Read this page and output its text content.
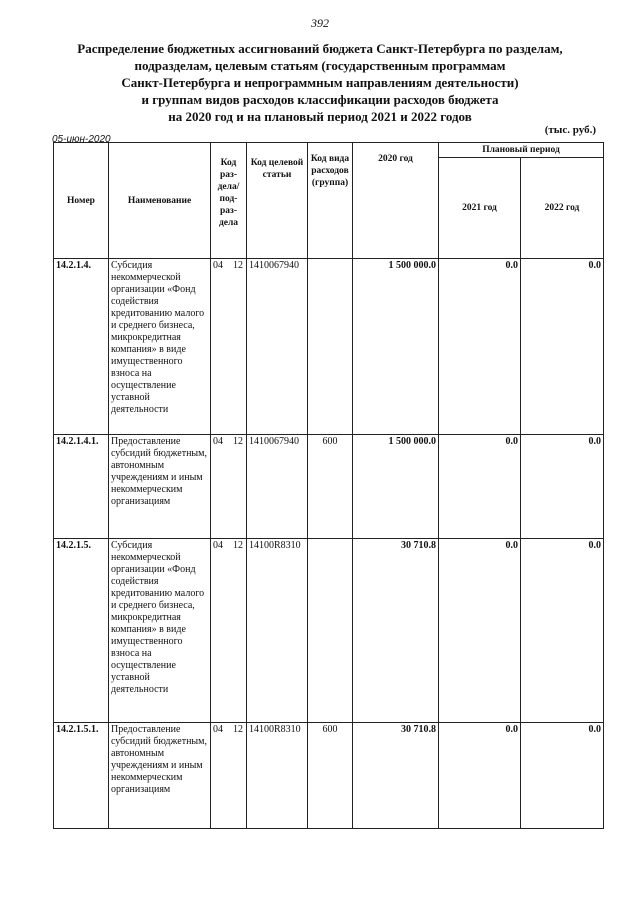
392
Распределение бюджетных ассигнований бюджета Санкт-Петербурга по разделам,
подразделам, целевым статьям (государственным программам
Санкт-Петербурга и непрограммным направлениям деятельности)
и группам видов расходов классификации расходов бюджета
на 2020 год и на плановый период 2021 и 2022 годов
05-июн-2020
(тыс. руб.)
Номер	Наименование	Код раз- дела/ под- раз- дела	Код целевой статьи	Код вида расходов (группа)	2020 год	Плановый период	
						2021 год	2022 год
14.2.1.4.	Субсидия некоммерческой организации «Фонд содействия кредитованию малого и среднего бизнеса, микрокредитная компания» в виде имущественного взноса на осуществление уставной деятельности	04 12	1410067940		1 500 000.0	0.0	0.0
14.2.1.4.1.	Предоставление субсидий бюджетным, автономным учреждениям и иным некоммерческим организациям	04 12	1410067940	600	1 500 000.0	0.0	0.0
14.2.1.5.	Субсидия некоммерческой организации «Фонд содействия кредитованию малого и среднего бизнеса, микрокредитная компания» в виде имущественного взноса на осуществление уставной деятельности	04 12	14100R8310		30 710.8	0.0	0.0
14.2.1.5.1.	Предоставление субсидий бюджетным, автономным учреждениям и иным некоммерческим организациям	04 12	14100R8310	600	30 710.8	0.0	0.0
